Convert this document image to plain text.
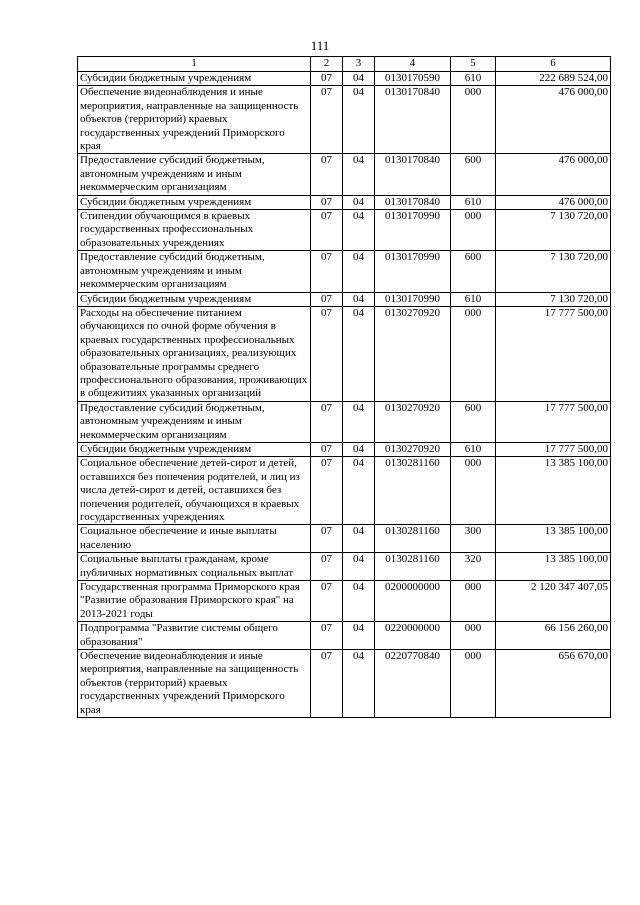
111
1	2	3	4	5	6
Субсидии бюджетным учреждениям	07	04	0130170590	610	222 689 524,00
Обеспечение видеонаблюдения и иные мероприятия, направленные на защищенность объектов (территорий) краевых государственных учреждений Приморского края	07	04	0130170840	000	476 000,00
Предоставление субсидий бюджетным, автономным учреждениям и иным некоммерческим организациям	07	04	0130170840	600	476 000,00
Субсидии бюджетным учреждениям	07	04	0130170840	610	476 000,00
Стипендии обучающимся в краевых государственных профессиональных образовательных учреждениях	07	04	0130170990	000	7 130 720,00
Предоставление субсидий бюджетным, автономным учреждениям и иным некоммерческим организациям	07	04	0130170990	600	7 130 720,00
Субсидии бюджетным учреждениям	07	04	0130170990	610	7 130 720,00
Расходы на обеспечение питанием обучающихся по очной форме обучения в краевых государственных профессиональных образовательных организациях, реализующих образовательные программы среднего профессионального образования, проживающих в общежитиях указанных организаций	07	04	0130270920	000	17 777 500,00
Предоставление субсидий бюджетным, автономным учреждениям и иным некоммерческим организациям	07	04	0130270920	600	17 777 500,00
Субсидии бюджетным учреждениям	07	04	0130270920	610	17 777 500,00
Социальное обеспечение детей-сирот и детей, оставшихся без попечения родителей, и лиц из числа детей-сирот и детей, оставшихся без попечения родителей, обучающихся в краевых государственных учреждениях	07	04	0130281160	000	13 385 100,00
Социальное обеспечение и иные выплаты населению	07	04	0130281160	300	13 385 100,00
Социальные выплаты гражданам, кроме публичных нормативных социальных выплат	07	04	0130281160	320	13 385 100,00
Государственная программа Приморского края "Развитие образования Приморского края" на 2013-2021 годы	07	04	0200000000	000	2 120 347 407,05
Подпрограмма "Развитие системы общего образования"	07	04	0220000000	000	66 156 260,00
Обеспечение видеонаблюдения и иные мероприятия, направленные на защищенность объектов (территорий) краевых государственных учреждений Приморского края	07	04	0220770840	000	656 670,00
